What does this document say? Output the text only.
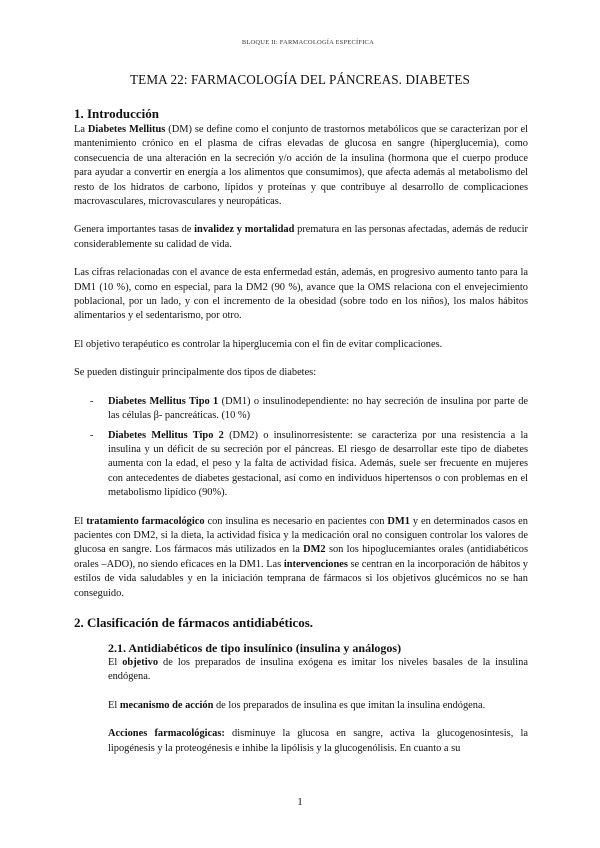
BLOQUE II: FARMACOLOGÍA ESPECÍFICA
TEMA 22: FARMACOLOGÍA DEL PÁNCREAS. DIABETES
1. Introducción

La Diabetes Mellitus (DM) se define como el conjunto de trastornos metabólicos que se caracterizan por el mantenimiento crónico en el plasma de cifras elevadas de glucosa en sangre (hiperglucemia), como consecuencia de una alteración en la secreción y/o acción de la insulina (hormona que el cuerpo produce para ayudar a convertir en energía a los alimentos que consumimos), que afecta además al metabolismo del resto de los hidratos de carbono, lípidos y proteínas y que contribuye al desarrollo de complicaciones macrovasculares, microvasculares y neuropáticas.

Genera importantes tasas de invalidez y mortalidad prematura en las personas afectadas, además de reducir considerablemente su calidad de vida.

Las cifras relacionadas con el avance de esta enfermedad están, además, en progresivo aumento tanto para la DM1 (10 %), como en especial, para la DM2 (90 %), avance que la OMS relaciona con el envejecimiento poblacional, por un lado, y con el incremento de la obesidad (sobre todo en los niños), los malos hábitos alimentarios y el sedentarismo, por otro.

El objetivo terapéutico es controlar la hiperglucemia con el fin de evitar complicaciones.

Se pueden distinguir principalmente dos tipos de diabetes:

- Diabetes Mellitus Tipo 1 (DM1) o insulinodependiente: no hay secreción de insulina por parte de las células β- pancreáticas. (10 %)
- Diabetes Mellitus Tipo 2 (DM2) o insulinorresistente: se caracteriza por una resistencia a la insulina y un déficit de su secreción por el páncreas. El riesgo de desarrollar este tipo de diabetes aumenta con la edad, el peso y la falta de actividad física. Además, suele ser frecuente en mujeres con antecedentes de diabetes gestacional, así como en individuos hipertensos o con problemas en el metabolismo lipídico (90%).

El tratamiento farmacológico con insulina es necesario en pacientes con DM1 y en determinados casos en pacientes con DM2, si la dieta, la actividad física y la medicación oral no consiguen controlar los valores de glucosa en sangre. Los fármacos más utilizados en la DM2 son los hipoglucemiantes orales (antidiabéticos orales –ADO), no siendo eficaces en la DM1. Las intervenciones se centran en la incorporación de hábitos y estilos de vida saludables y en la iniciación temprana de fármacos si los objetivos glucémicos no se han conseguido.

2. Clasificación de fármacos antidiabéticos.
2.1. Antidiabéticos de tipo insulínico (insulina y análogos)

El objetivo de los preparados de insulina exógena es imitar los niveles basales de la insulina endógena.

El mecanismo de acción de los preparados de insulina es que imitan la insulina endógena.

Acciones farmacológicas: disminuye la glucosa en sangre, activa la glucogenosíntesis, la lipogénesis y la proteogénesis e inhibe la lipólisis y la glucogenólisis. En cuanto a su

1
